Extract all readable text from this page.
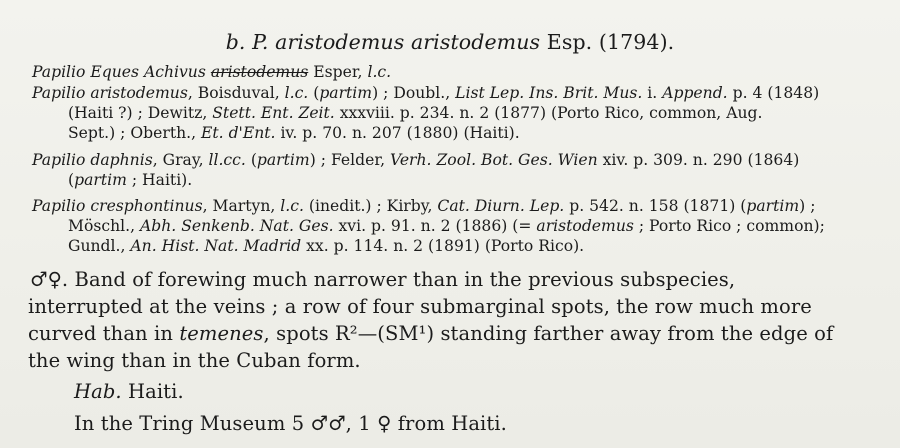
b. P. aristodemus aristodemus Esp. (1794).
Papilio Eques Achivus aristodemus Esper, l.c.
Papilio aristodemus, Boisduval, l.c. (partim) ; Doubl., List Lep. Ins. Brit. Mus. i. Append. p. 4 (1848)
(Haiti ?) ; Dewitz, Stett. Ent. Zeit. xxxviii. p. 234. n. 2 (1877) (Porto Rico, common, Aug.
Sept.) ; Oberth., Et. d'Ent. iv. p. 70. n. 207 (1880) (Haiti).
Papilio daphnis, Gray, ll.cc. (partim) ; Felder, Verh. Zool. Bot. Ges. Wien xiv. p. 309. n. 290 (1864)
(partim ; Haiti).
Papilio cresphontinus, Martyn, l.c. (inedit.) ; Kirby, Cat. Diurn. Lep. p. 542. n. 158 (1871) (partim) ;
Möschl., Abh. Senkenb. Nat. Ges. xvi. p. 91. n. 2 (1886) (= aristodemus ; Porto Rico ; common);
Gundl., An. Hist. Nat. Madrid xx. p. 114. n. 2 (1891) (Porto Rico).
♂♀. Band of forewing much narrower than in the previous subspecies,
interrupted at the veins ; a row of four submarginal spots, the row much more
curved than in temenes, spots R²—(SM¹) standing farther away from the edge of
the wing than in the Cuban form.
Hab. Haiti.
In the Tring Museum 5 ♂♂, 1 ♀ from Haiti.
